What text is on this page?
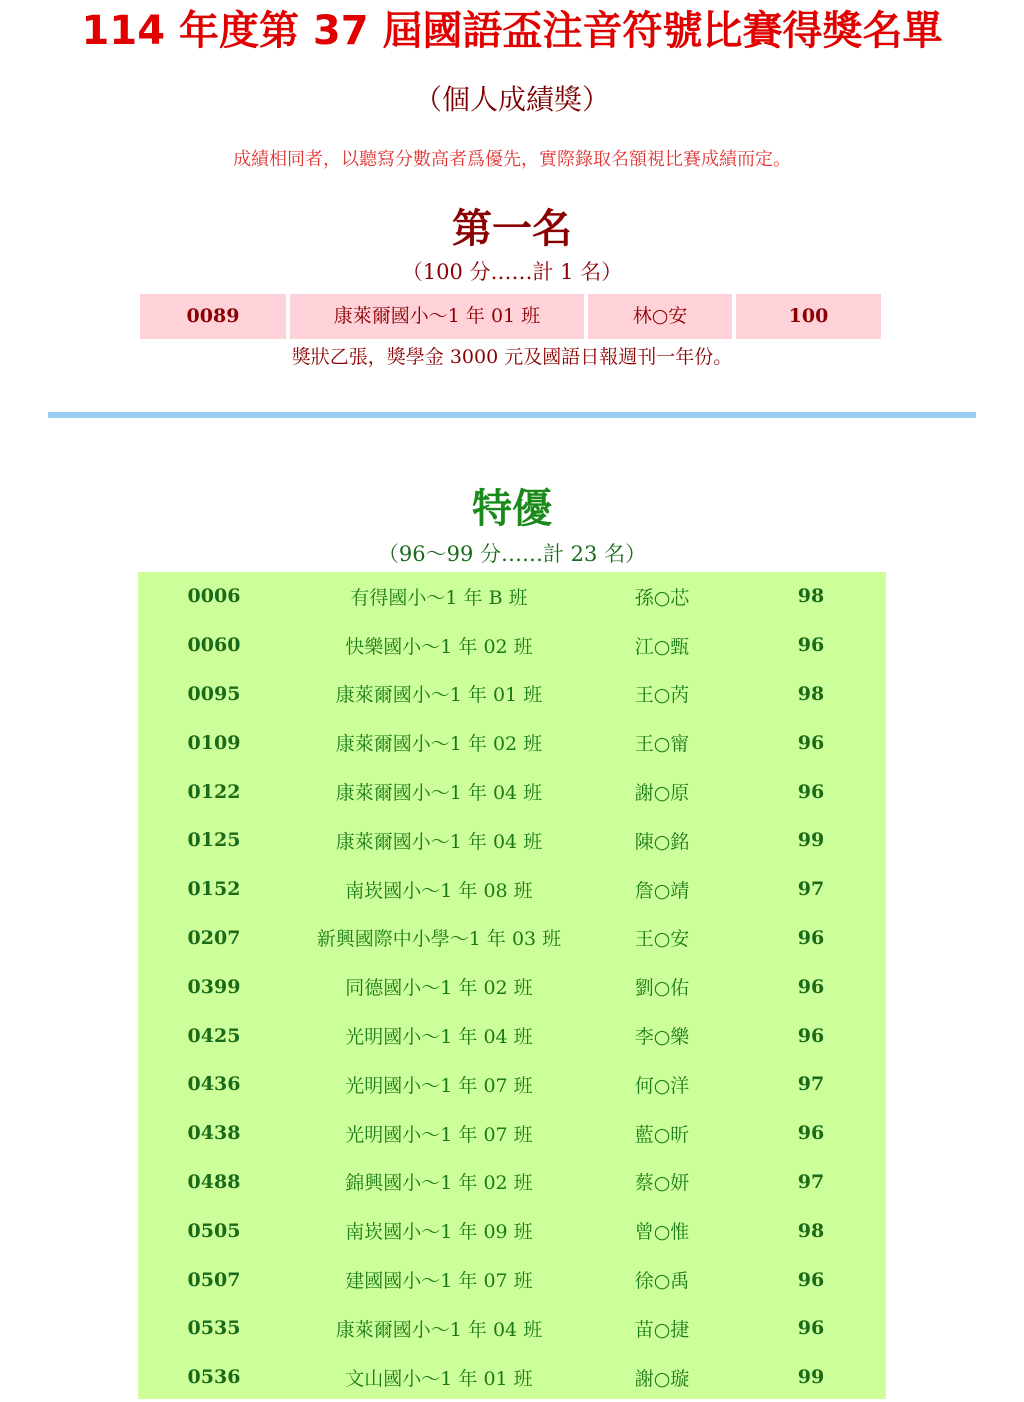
114 年度第 37 屆國語盃注音符號比賽得獎名單
（個人成績獎）
成績相同者，以聽寫分數高者爲優先，實際錄取名額視比賽成績而定。
第一名
（100 分……計 1 名）
0089	康萊爾國小～1 年 01 班	林○安	100
獎狀乙張，獎學金 3000 元及國語日報週刊一年份。
特優
（96～99 分……計 23 名）
0006	有得國小～1 年 B 班	孫○芯	98
0060	快樂國小～1 年 02 班	江○甄	96
0095	康萊爾國小～1 年 01 班	王○芮	98
0109	康萊爾國小～1 年 02 班	王○甯	96
0122	康萊爾國小～1 年 04 班	謝○原	96
0125	康萊爾國小～1 年 04 班	陳○銘	99
0152	南崁國小～1 年 08 班	詹○靖	97
0207	新興國際中小學～1 年 03 班	王○安	96
0399	同德國小～1 年 02 班	劉○佑	96
0425	光明國小～1 年 04 班	李○樂	96
0436	光明國小～1 年 07 班	何○洋	97
0438	光明國小～1 年 07 班	藍○昕	96
0488	錦興國小～1 年 02 班	蔡○妍	97
0505	南崁國小～1 年 09 班	曾○惟	98
0507	建國國小～1 年 07 班	徐○禹	96
0535	康萊爾國小～1 年 04 班	苗○捷	96
0536	文山國小～1 年 01 班	謝○璇	99
